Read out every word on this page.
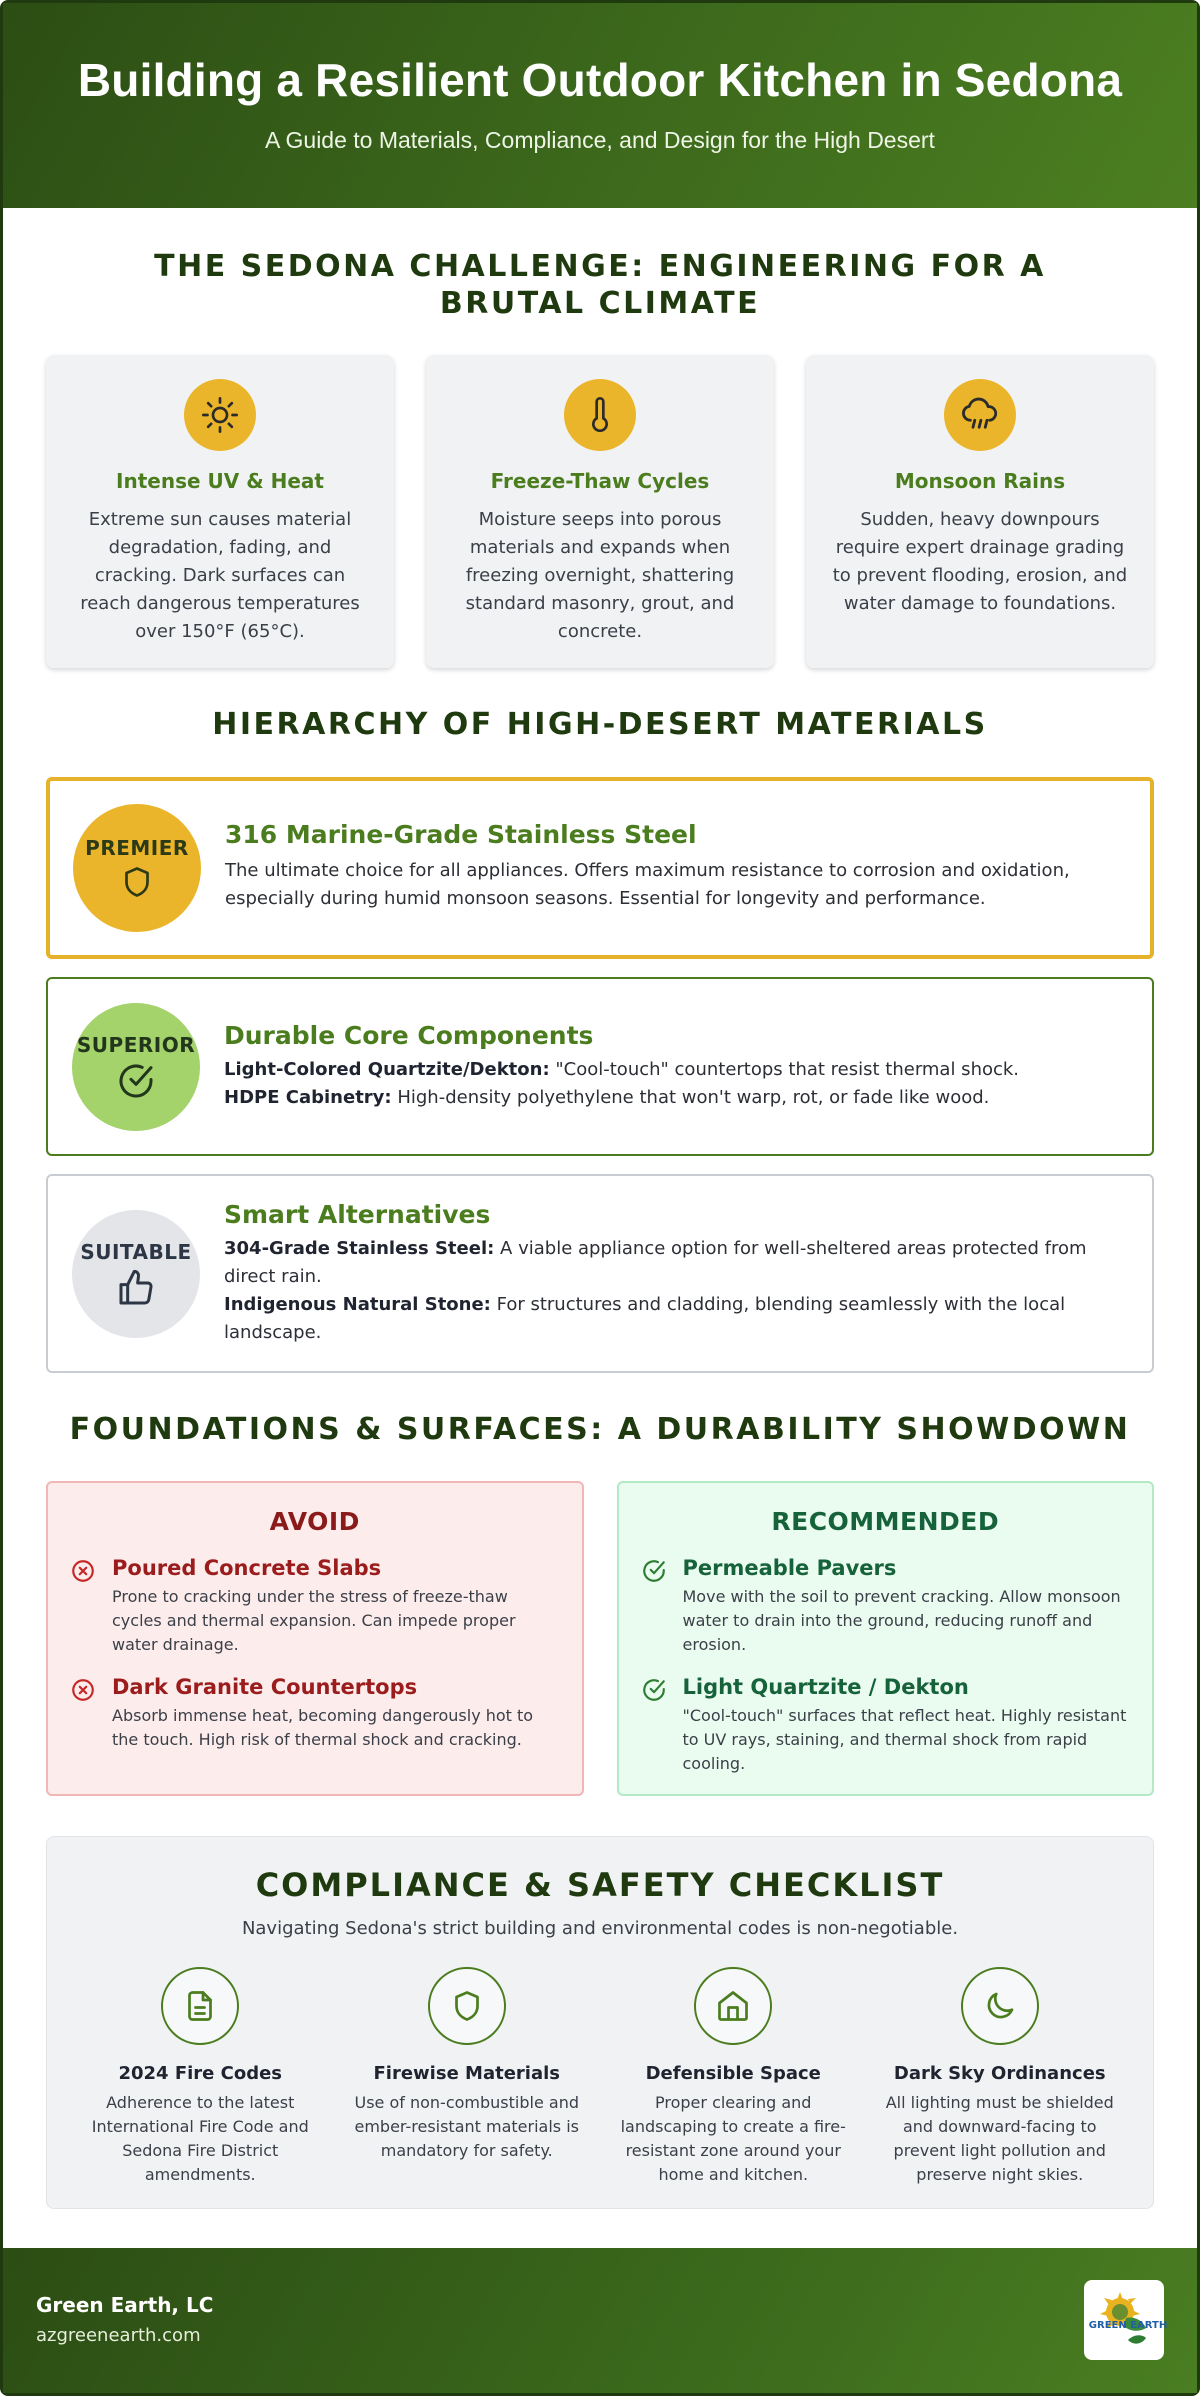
Building a Resilient Outdoor Kitchen in Sedona

A Guide to Materials, Compliance, and Design for the High Desert

THE SEDONA CHALLENGE: ENGINEERING FOR A BRUTAL CLIMATE
Intense UV & Heat

Extreme sun causes material degradation, fading, and cracking. Dark surfaces can reach dangerous temperatures over 150°F (65°C).

Freeze-Thaw Cycles

Moisture seeps into porous materials and expands when freezing overnight, shattering standard masonry, grout, and concrete.

Monsoon Rains

Sudden, heavy downpours require expert drainage grading to prevent flooding, erosion, and water damage to foundations.

HIERARCHY OF HIGH-DESERT MATERIALS
PREMIER 316 Marine-Grade Stainless Steel

The ultimate choice for all appliances. Offers maximum resistance to corrosion and oxidation, especially during humid monsoon seasons. Essential for longevity and performance.

SUPERIOR Durable Core Components

Light-Colored Quartzite/Dekton: "Cool-touch" countertops that resist thermal shock.

HDPE Cabinetry: High-density polyethylene that won't warp, rot, or fade like wood.

SUITABLE
Smart Alternatives

304-Grade Stainless Steel: A viable appliance option for well-sheltered areas protected from direct rain.

Indigenous Natural Stone: For structures and cladding, blending seamlessly with the local landscape.

FOUNDATIONS & SURFACES: A DURABILITY SHOWDOWN
AVOID
Poured Concrete Slabs

Prone to cracking under the stress of freeze-thaw cycles and thermal expansion. Can impede proper water drainage.

Dark Granite Countertops

Absorb immense heat, becoming dangerously hot to the touch. High risk of thermal shock and cracking.

RECOMMENDED
Permeable Pavers

Move with the soil to prevent cracking. Allow monsoon water to drain into the ground, reducing runoff and erosion.

Light Quartzite / Dekton

"Cool-touch" surfaces that reflect heat. Highly resistant to UV rays, staining, and thermal shock from rapid cooling.

COMPLIANCE & SAFETY CHECKLIST

Navigating Sedona's strict building and environmental codes is non-negotiable.

2024 Fire Codes

Adherence to the latest International Fire Code and Sedona Fire District amendments.

Firewise Materials

Use of non-combustible and ember-resistant materials is mandatory for safety.

Defensible Space

Proper clearing and landscaping to create a fire-resistant zone around your home and kitchen.

Dark Sky Ordinances

All lighting must be shielded and downward-facing to prevent light pollution and preserve night skies.

Green Earth, LC
azgreenearth.com	GREEN EARTH
